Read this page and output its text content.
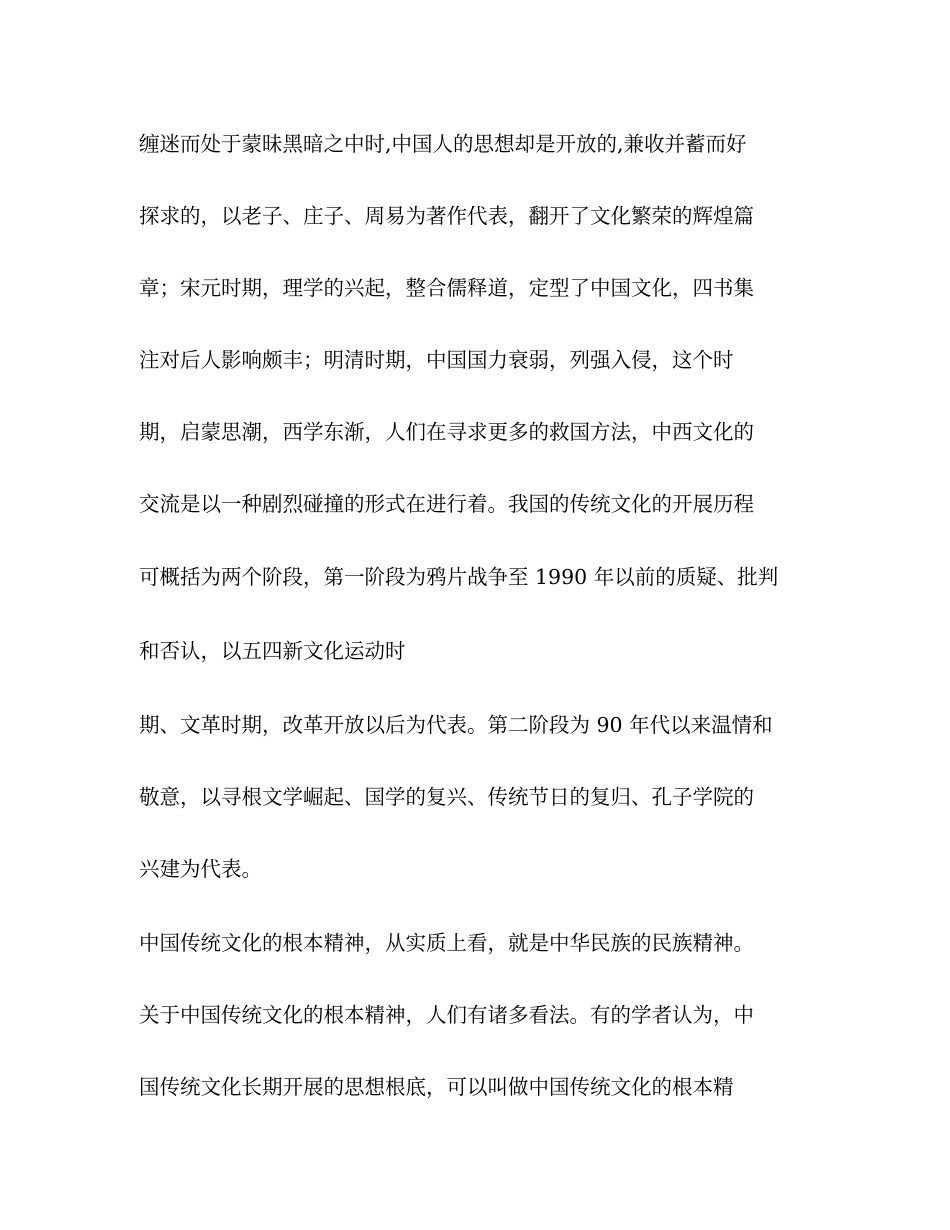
缠迷而处于蒙昧黑暗之中时,中国人的思想却是开放的,兼收并蓄而好
探求的，以老子、庄子、周易为著作代表，翻开了文化繁荣的辉煌篇
章；宋元时期，理学的兴起，整合儒释道，定型了中国文化，四书集
注对后人影响颇丰；明清时期，中国国力衰弱，列强入侵，这个时
期，启蒙思潮，西学东渐，人们在寻求更多的救国方法，中西文化的
交流是以一种剧烈碰撞的形式在进行着。我国的传统文化的开展历程
可概括为两个阶段，第一阶段为鸦片战争至 1990 年以前的质疑、批判
和否认，以五四新文化运动时
期、文革时期，改革开放以后为代表。第二阶段为 90 年代以来温情和
敬意，以寻根文学崛起、国学的复兴、传统节日的复归、孔子学院的
兴建为代表。
中国传统文化的根本精神，从实质上看，就是中华民族的民族精神。
关于中国传统文化的根本精神，人们有诸多看法。有的学者认为，中
国传统文化长期开展的思想根底，可以叫做中国传统文化的根本精
